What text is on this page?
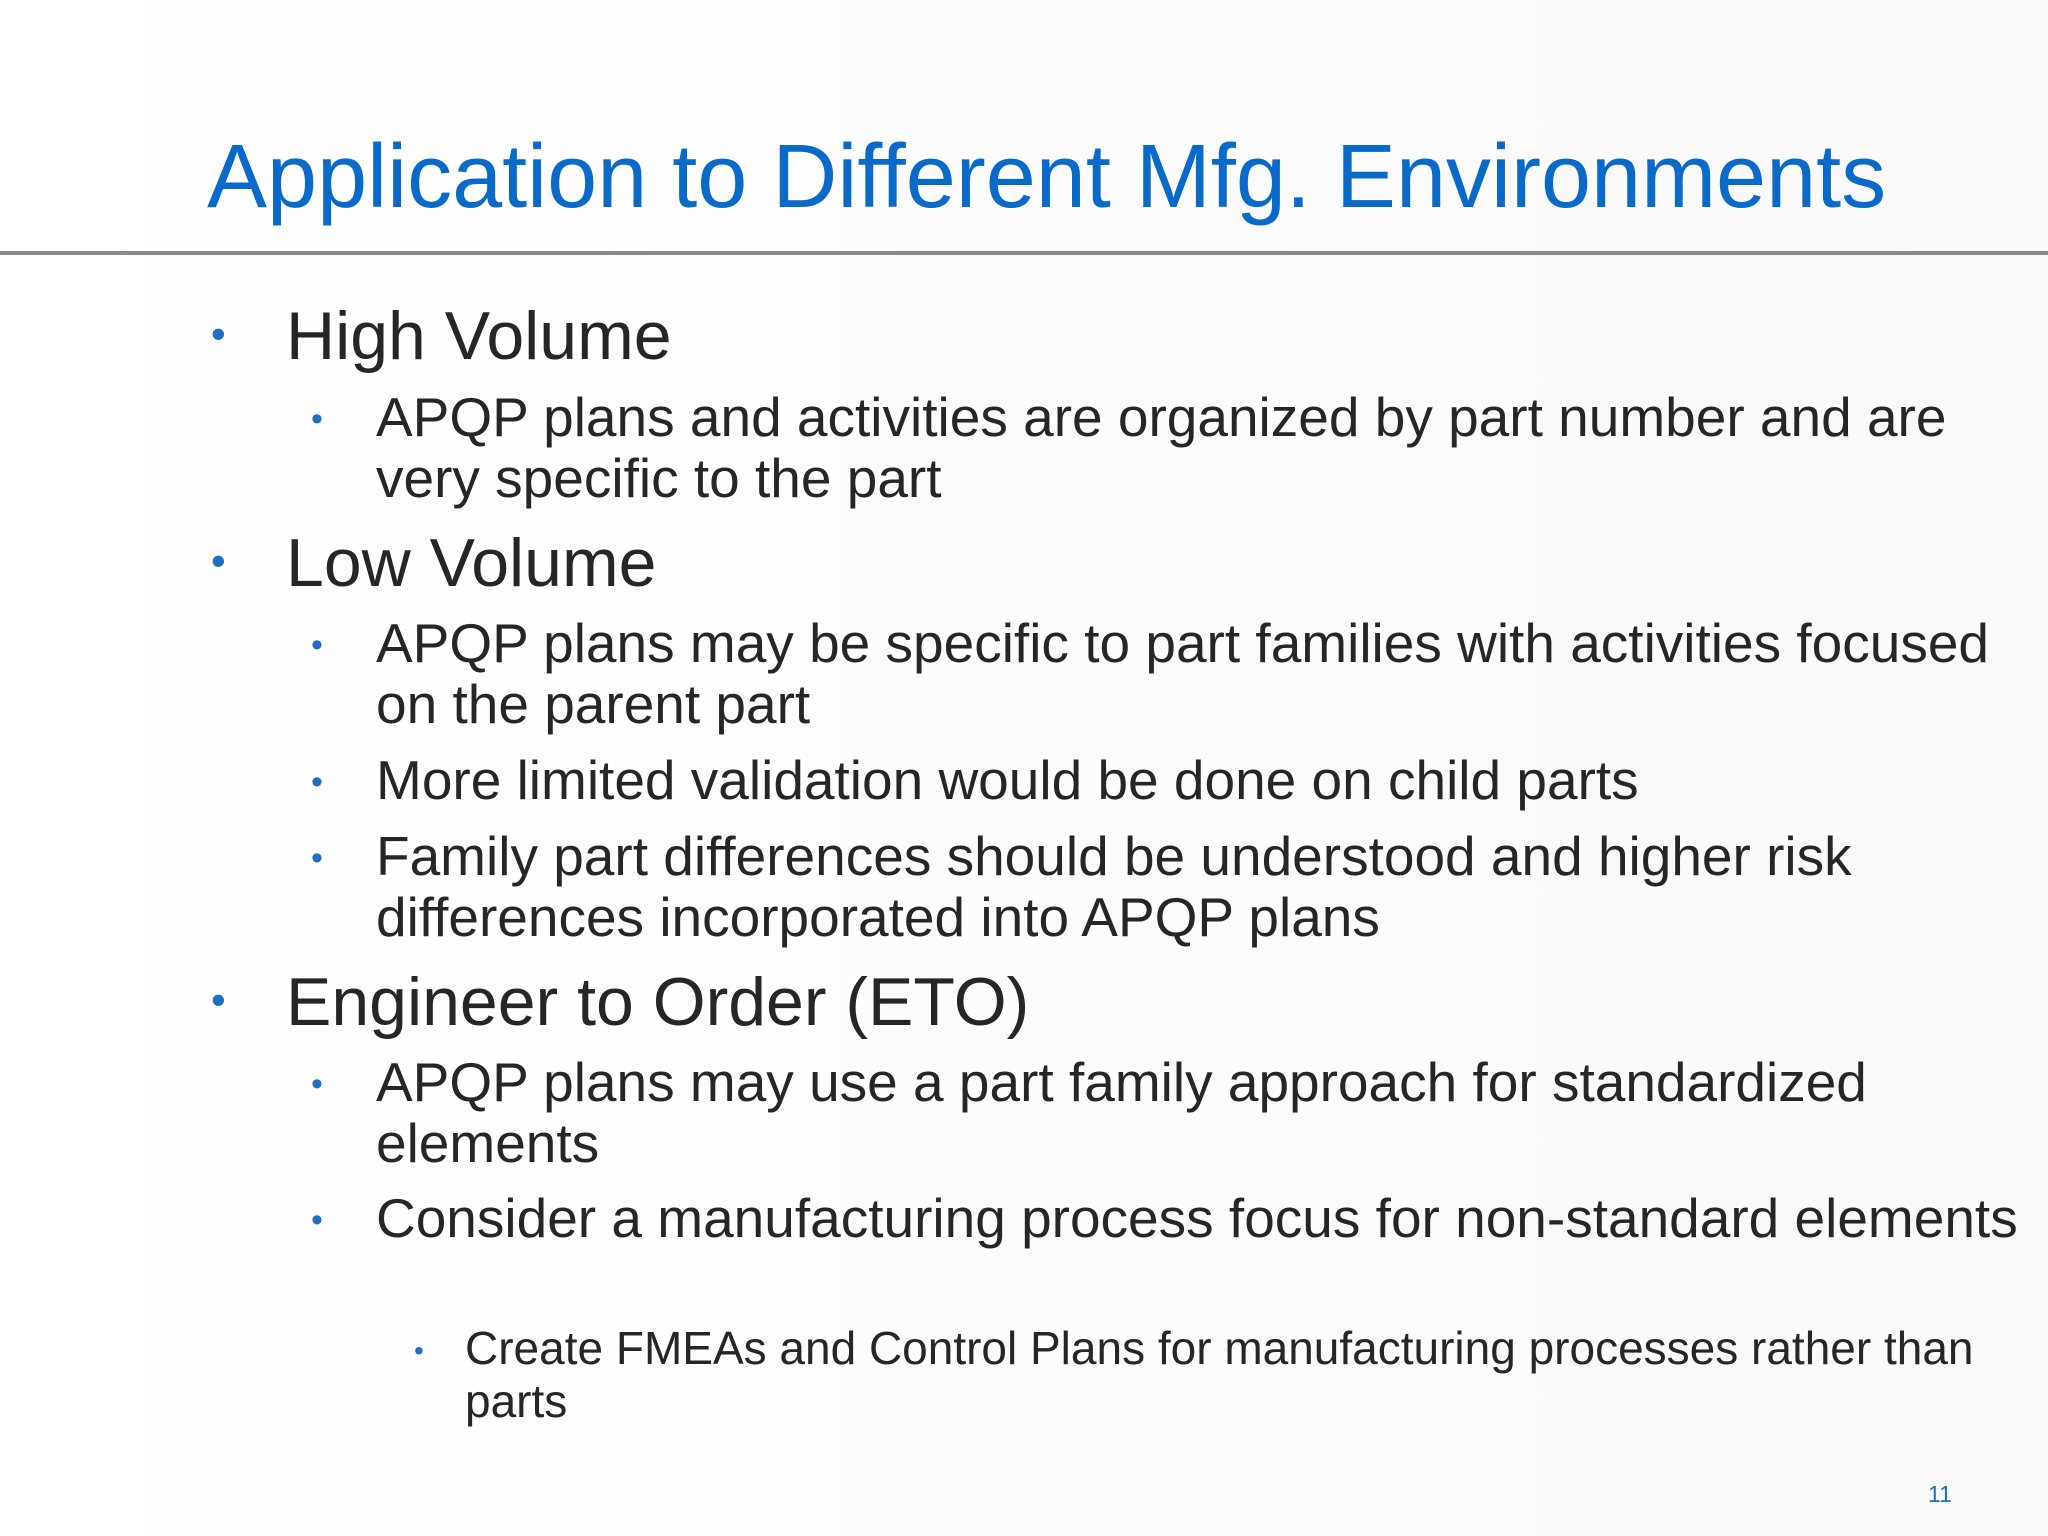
Application to Different Mfg. Environments
• High Volume
• APQP plans and activities are organized by part number and are very specific to the part
• Low Volume
• APQP plans may be specific to part families with activities focused on the parent part
• More limited validation would be done on child parts
• Family part differences should be understood and higher risk differences incorporated into APQP plans
• Engineer to Order (ETO)
• APQP plans may use a part family approach for standardized elements
• Consider a manufacturing process focus for non-standard elements
• Create FMEAs and Control Plans for manufacturing processes rather than parts
11
